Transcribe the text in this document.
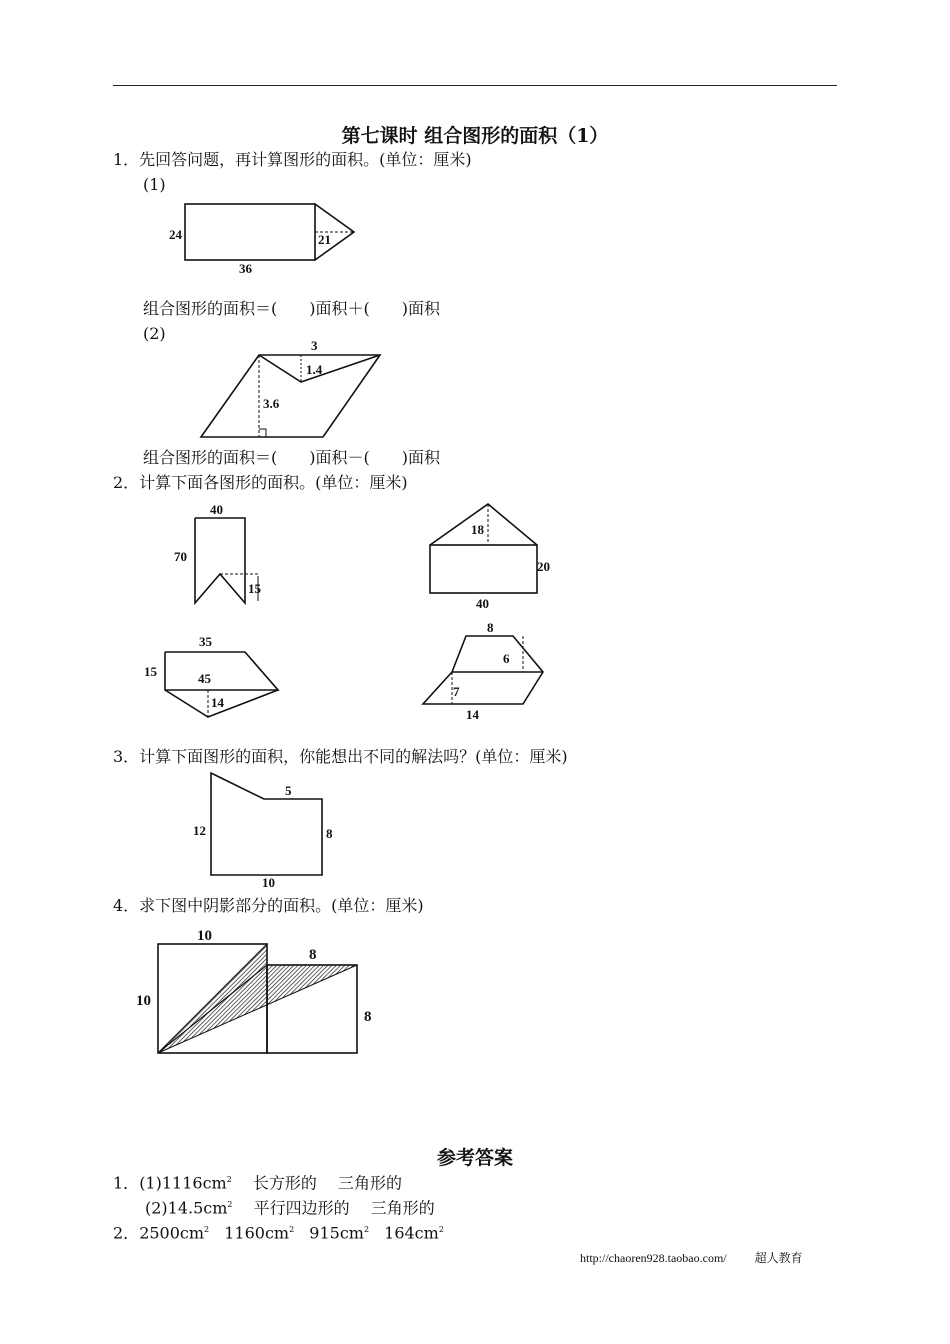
第七课时 组合图形的面积（1）
1．先回答问题，再计算图形的面积。(单位：厘米)
(1)
24	21
36
组合图形的面积＝( )面积＋( )面积
(2)
3
1.4
3.6
组合图形的面积＝( )面积－( )面积
2．计算下面各图形的面积。(单位：厘米)
40
70
15
18
20
40
35
15	45
14
8
6
7
14
3．计算下面图形的面积，你能想出不同的解法吗？(单位：厘米)
5
12	8
10
4．求下图中阴影部分的面积。(单位：厘米)
10
10
8
8
参考答案
1．$(1)1116cm^2$ 长方形的 三角形的
$(2)14.5cm^2$ 平行四边形的 三角形的
2．$2500cm^2$ $1160cm^2$ $915cm^2$ $164cm^2$
http://chaoren928.taobao.com/ 超人教育
